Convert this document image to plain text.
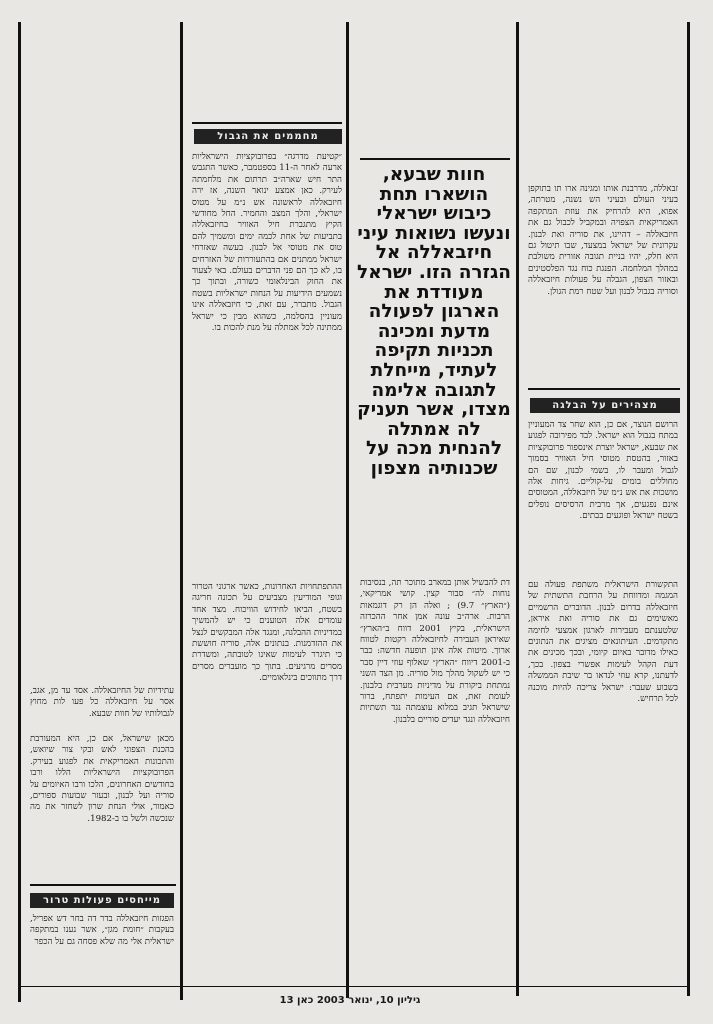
זבאללה, מדרבנת אותו ומגינה ארו תו בתוקפן בעיני העולם ובעיני הש נשנה, מטרתה, אפוא, היא להרחיק את עוזת המתקפה האמריקאית הצפויה ובמקביל לכבול גם את חיזבאללה – דהיינו, את סוריה ואת לבנון. עקרונית של ישראל במצעד, שבו תיטול גם היא חלק, יהיו בניית תגובה אזורית משולבת במהלך המלחמה. הפנגת כוח נגד הפלסטינים ובאזור הצפון, הגבלה על פעולות חיזבאללה וסוריה בגבול לבנון ועל שטח רמת הגולן.
מצהירים על הבלגה
הרושם הנוצר, אם כן, הוא שחר צד המעוניין במתח בגבול הוא ישראל. לבד מפירובה לפגוע את שבעא, ישראל יוצרת אינספור פרובוקציות באזור, בהטסת מטוסי חיל האוויר בסמוך לגבול ומעבר לו, בשמי לבנון, שם הם מחוללים בומים על-קוליים. גיחות אלה מושכות את אש נ״מ של חיזבאללה, המטוסים אינם נפגעים, אך מרבית הרסיסים נופלים בשטח ישראל ופוגעים בבתים.
התקשורת הישראלית משתפת פעולה עם המגמה ומדווחת על הרחבת התשתית של חיזבאללה בדרום לבנון. הדוברים הרשמיים מאשימים גם את סוריה ואת איראן, שלטענתם מעבירות לארגון אמצעי לחימה מתקדמים. העיתונאים מציגים את הנתונים כאילו מדובר באיום קיומי, ובכך מכינים את דעת הקהל לעימות אפשרי בצפון. בכך, לדעתנו, קרא עוזי לנדאו בר שיבת הממשלה בשבוע שעבר: ישראל צריכה להיות מוכנה לכל תרחיש.
חוות שבעא, הושארו תחת כיבוש ישראלי ונעשו נשואות עיני חיזבאללה אל הגזרה הזו. ישראל מעודדת את הארגון לפעולה מדעת ומכינה תכניות תקיפה לעתיד, מייחלת לתגובה אלימה מצדו, אשר תעניק לה אמתלה להנחית מכה על שכנותיה מצפון
דת להבשיל אותן במארב מתוכר תה, בנסיבות נוחות לה״ סבור קצין. קושי אמריקאי, (״הארץ״ 9.7) ; ואלה הן רק דוגמאות הרבות. ארה״ב עונה אמן אחר ההכרזה הישראלית, בקיץ 2001 דווח ב״הארץ״ שאיראן העבירה לחיזבאללה רקטות לטווח ארוך. מיטות אלה אינן תופעה חדשה: כבר ב-2001 דיווח ״הארץ״ שאלוף עוזי דיין סבר כי יש לשקול מהלך מול סוריה. מן הצד השני נמתחת ביקורת על מדיניות מערבית בלבנון. לעומת זאת, אם העימות יתפתח, ברור שישראל תגיב במלוא עוצמתה נגד תשתיות חיזבאללה ונגד יעדים סוריים בלבנון.
מחממים את הגבול
״קטיעת מדרגה״ בפרובוקציות הישראליות ארעה לאחר ה-11 בספטמבר, כאשר התגבש התר חיש שארה״ב תרתום את מלחמתה לעירק. כאן אמצע ינואר השנה, אז ירה חיזבאללה לראשונה אש נ״מ על מטוס ישראלי, והלך המצב והחמיר. החל מחודשי הקיץ מתגברת חיל האוויר בחיזבאללה בתביעות של אחת לכמה ימים ומשמיך להם טוס את מטוסי אל לבנון. בעשה שאזרחי ישראל ממתנים אם בהתעוררות של האזרחים בו, לא כך הם פני הדברים בעולם. באי לצעוד את החוק הבינלאומי כשורה, ובתוך כך נשמעים הידיעות על הנחות ישראליות בשטח הגבול. מתברר, עם זאת, כי חיזבאללה אינו מעוניין בהסלמה, כשהוא מבין כי ישראל ממתינה לכל אמתלה על מנת להכות בו.
ההתפתחויות האחרונות, כאשר ארגוני הטרור וגופי המודיעין מצביעים על תכונה חריגה בשטח, הביאו לחידוש הוויכוח. מצד אחד עומדים אלה הטוענים כי יש להמשיך במדיניות ההבלגה, ומנגד אלה המבקשים לנצל את ההזדמנות. בנתונים אלה, סוריה חוששת כי תיגרר לעימות שאינו לטובתה, ומשדרת מסרים מרגיעים. בתוך כך מועברים מסרים דרך מתווכים בינלאומיים.
עתידיות של החיזבאללה. אסד עד מן, אגב, אסר על חיזבאללה כל פעו לות מחוץ לגבולותיו של חוות שבעא.
מכאן שישראל, אם כן, היא המעורבת בהכנת הצפוני לאש ובקי צור שיואש, והתכונות האמריקאית את לפגוע בעירק. הפרובוקציות הישראליות הללו ורבו בחודשים האחרונים, הלכו ורבו האיומים על סוריה ועל לבנון, ובעזר שבועות ספורים, כאמור, אולי הנחת שרון לשחזר את מה שנכשה ולשל בו ב-1982.
מייחסים פעולות טרור
הפגזות חיזבאללה בדר דה בחר דש אפריל, בעקבות ״חומת מגן״, אשר נענו במתקפה ישראלית אלי מה שלא פסחה גם על הכפר
גיליון 10, ינואר 2003 כאן 13
